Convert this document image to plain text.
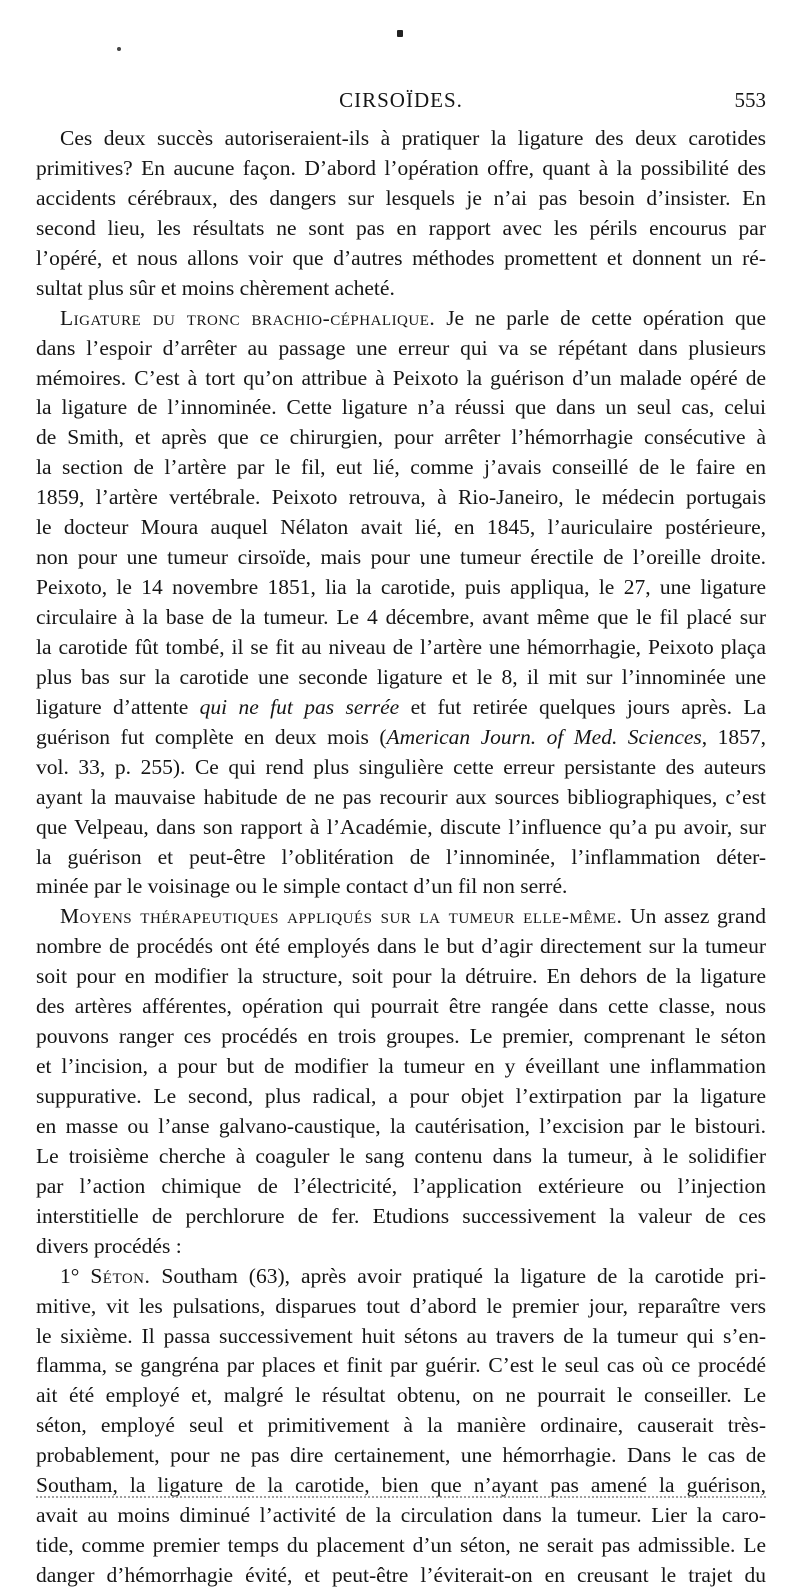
CIRSOÏDES.	553
Ces deux succès autoriseraient-ils à pratiquer la ligature des deux carotides
primitives? En aucune façon. D’abord l’opération offre, quant à la possibilité des
accidents cérébraux, des dangers sur lesquels je n’ai pas besoin d’insister. En
second lieu, les résultats ne sont pas en rapport avec les périls encourus par
l’opéré, et nous allons voir que d’autres méthodes promettent et donnent un ré-
sultat plus sûr et moins chèrement acheté.
Ligature du tronc brachio-céphalique. Je ne parle de cette opération que
dans l’espoir d’arrêter au passage une erreur qui va se répétant dans plusieurs
mémoires. C’est à tort qu’on attribue à Peixoto la guérison d’un malade opéré de
la ligature de l’innominée. Cette ligature n’a réussi que dans un seul cas, celui
de Smith, et après que ce chirurgien, pour arrêter l’hémorrhagie consécutive à
la section de l’artère par le fil, eut lié, comme j’avais conseillé de le faire en
1859, l’artère vertébrale. Peixoto retrouva, à Rio-Janeiro, le médecin portugais
le docteur Moura auquel Nélaton avait lié, en 1845, l’auriculaire postérieure,
non pour une tumeur cirsoïde, mais pour une tumeur érectile de l’oreille droite.
Peixoto, le 14 novembre 1851, lia la carotide, puis appliqua, le 27, une ligature
circulaire à la base de la tumeur. Le 4 décembre, avant même que le fil placé sur
la carotide fût tombé, il se fit au niveau de l’artère une hémorrhagie, Peixoto plaça
plus bas sur la carotide une seconde ligature et le 8, il mit sur l’innominée une
ligature d’attente qui ne fut pas serrée et fut retirée quelques jours après. La
guérison fut complète en deux mois (American Journ. of Med. Sciences, 1857,
vol. 33, p. 255). Ce qui rend plus singulière cette erreur persistante des auteurs
ayant la mauvaise habitude de ne pas recourir aux sources bibliographiques, c’est
que Velpeau, dans son rapport à l’Académie, discute l’influence qu’a pu avoir, sur
la guérison et peut-être l’oblitération de l’innominée, l’inflammation déter-
minée par le voisinage ou le simple contact d’un fil non serré.
Moyens thérapeutiques appliqués sur la tumeur elle-même. Un assez grand
nombre de procédés ont été employés dans le but d’agir directement sur la tumeur
soit pour en modifier la structure, soit pour la détruire. En dehors de la ligature
des artères afférentes, opération qui pourrait être rangée dans cette classe, nous
pouvons ranger ces procédés en trois groupes. Le premier, comprenant le séton
et l’incision, a pour but de modifier la tumeur en y éveillant une inflammation
suppurative. Le second, plus radical, a pour objet l’extirpation par la ligature
en masse ou l’anse galvano-caustique, la cautérisation, l’excision par le bistouri.
Le troisième cherche à coaguler le sang contenu dans la tumeur, à le solidifier
par l’action chimique de l’électricité, l’application extérieure ou l’injection
interstitielle de perchlorure de fer. Etudions successivement la valeur de ces
divers procédés :
1° Séton. Southam (63), après avoir pratiqué la ligature de la carotide pri-
mitive, vit les pulsations, disparues tout d’abord le premier jour, reparaître vers
le sixième. Il passa successivement huit sétons au travers de la tumeur qui s’en-
flamma, se gangréna par places et finit par guérir. C’est le seul cas où ce procédé
ait été employé et, malgré le résultat obtenu, on ne pourrait le conseiller. Le
séton, employé seul et primitivement à la manière ordinaire, causerait très-
probablement, pour ne pas dire certainement, une hémorrhagie. Dans le cas de
Southam, la ligature de la carotide, bien que n’ayant pas amené la guérison,
avait au moins diminué l’activité de la circulation dans la tumeur. Lier la caro-
tide, comme premier temps du placement d’un séton, ne serait pas admissible. Le
danger d’hémorrhagie évité, et peut-être l’éviterait-on en creusant le trajet du
